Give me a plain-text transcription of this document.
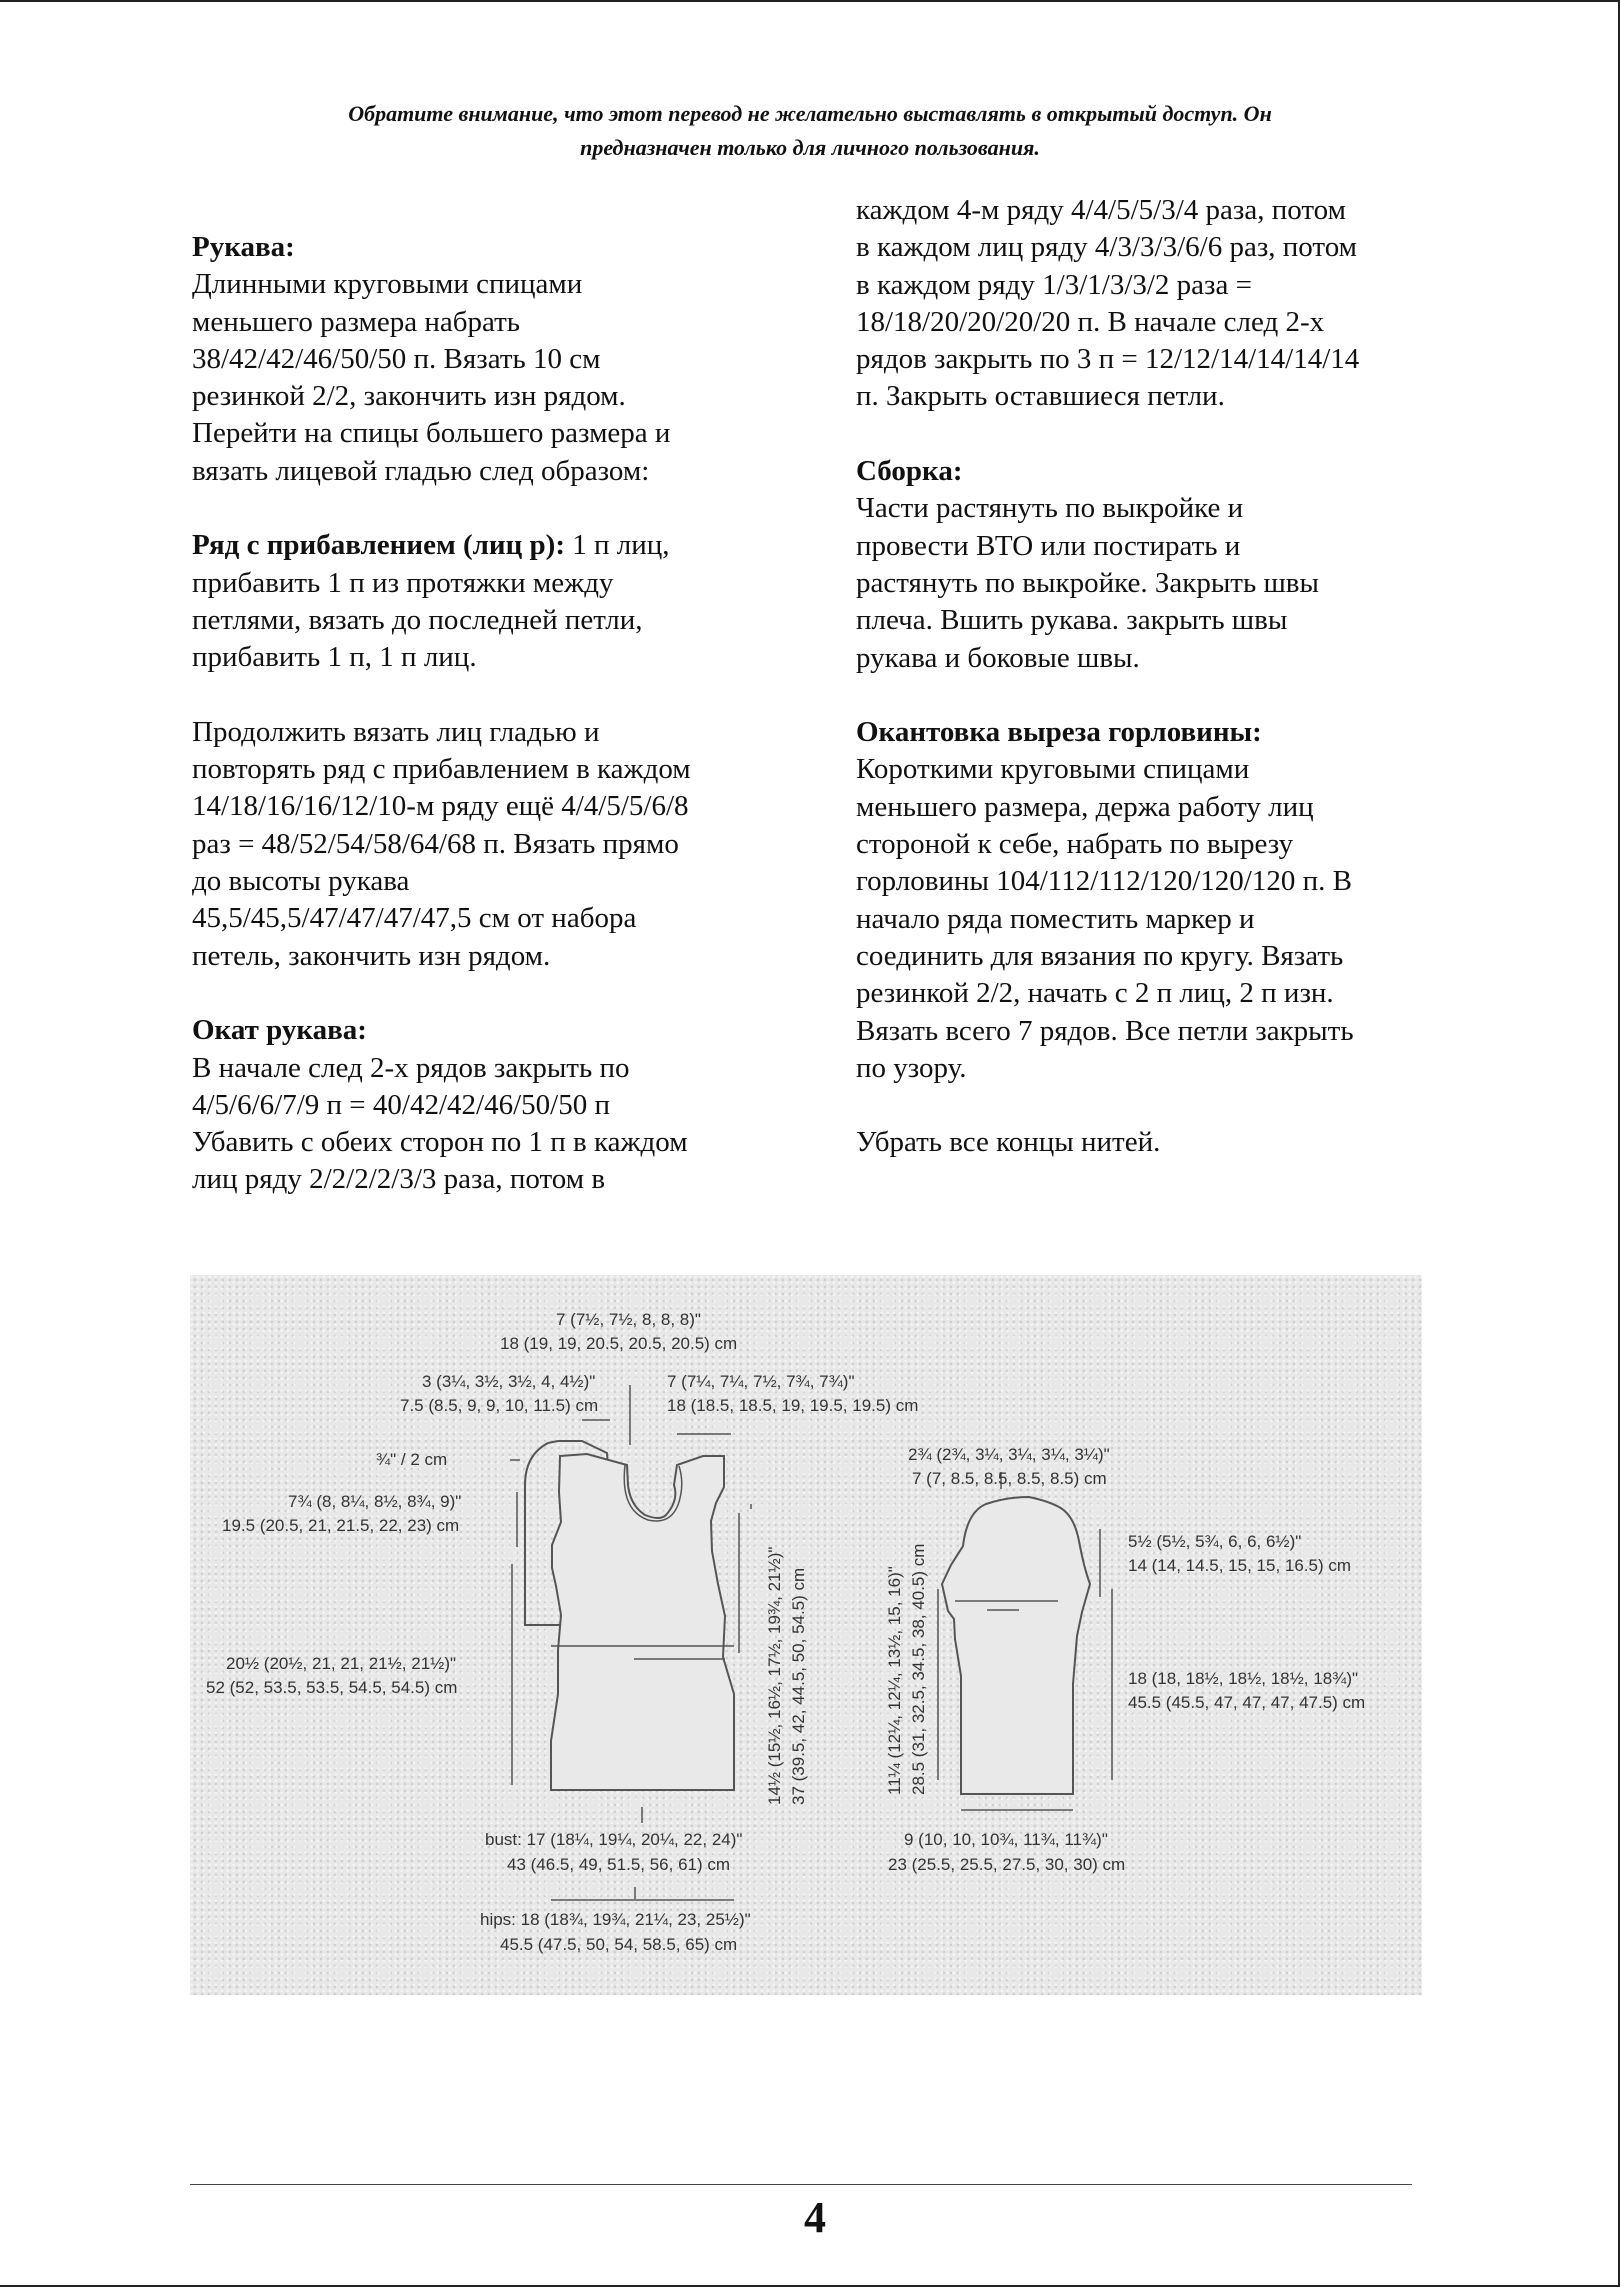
Обратите внимание, что этот перевод не желательно выставлять в открытый доступ. Он
предназначен только для личного пользования.

Рукава:

Длинными круговыми спицами

меньшего размера набрать

38/42/42/46/50/50 п. Вязать 10 см

резинкой 2/2, закончить изн рядом.

Перейти на спицы большего размера и

вязать лицевой гладью след образом:

Ряд с прибавлением (лиц р): 1 п лиц,

прибавить 1 п из протяжки между

петлями, вязать до последней петли,

прибавить 1 п, 1 п лиц.

Продолжить вязать лиц гладью и

повторять ряд с прибавлением в каждом

14/18/16/16/12/10-м ряду ещё 4/4/5/5/6/8

раз = 48/52/54/58/64/68 п. Вязать прямо

до высоты рукава

45,5/45,5/47/47/47/47,5 см от набора

петель, закончить изн рядом.

Окат рукава:

В начале след 2-х рядов закрыть по

4/5/6/6/7/9 п = 40/42/42/46/50/50 п

Убавить с обеих сторон по 1 п в каждом

лиц ряду 2/2/2/2/3/3 раза, потом в

каждом 4-м ряду 4/4/5/5/3/4 раза, потом

в каждом лиц ряду 4/3/3/3/6/6 раз, потом

в каждом ряду 1/3/1/3/3/2 раза =

18/18/20/20/20/20 п. В начале след 2-х

рядов закрыть по 3 п = 12/12/14/14/14/14

п. Закрыть оставшиеся петли.

Сборка:

Части растянуть по выкройке и

провести ВТО или постирать и

растянуть по выкройке. Закрыть швы

плеча. Вшить рукава. закрыть швы

рукава и боковые швы.

Окантовка выреза горловины:

Короткими круговыми спицами

меньшего размера, держа работу лиц

стороной к себе, набрать по вырезу

горловины 104/112/112/120/120/120 п. В

начало ряда поместить маркер и

соединить для вязания по кругу. Вязать

резинкой 2/2, начать с 2 п лиц, 2 п изн.

Вязать всего 7 рядов. Все петли закрыть

по узору.

Убрать все концы нитей.

7 (7½, 7½, 8, 8, 8)"
18 (19, 19, 20.5, 20.5, 20.5) cm
3 (3¼, 3½, 3½, 4, 4½)"
7.5 (8.5, 9, 9, 10, 11.5) cm
7 (7¼, 7¼, 7½, 7¾, 7¾)"
18 (18.5, 18.5, 19, 19.5, 19.5) cm
¾" / 2 cm
7¾ (8, 8¼, 8½, 8¾, 9)"
19.5 (20.5, 21, 21.5, 22, 23) cm
20½ (20½, 21, 21, 21½, 21½)"
52 (52, 53.5, 53.5, 54.5, 54.5) cm	14½ (15½, 16½, 17½, 19¾, 21½)" 37 (39.5, 42, 44.5, 50, 54.5) cm
bust: 17 (18¼, 19¼, 20¼, 22, 24)"
43 (46.5, 49, 51.5, 56, 61) cm
hips: 18 (18¾, 19¾, 21¼, 23, 25½)"
45.5 (47.5, 50, 54, 58.5, 65) cm
2¾ (2¾, 3¼, 3¼, 3¼, 3¼)"
7 (7, 8.5, 8.5, 8.5, 8.5) cm
5½ (5½, 5¾, 6, 6, 6½)"
14 (14, 14.5, 15, 15, 16.5) cm
18 (18, 18½, 18½, 18½, 18¾)"
45.5 (45.5, 47, 47, 47, 47.5) cm
11¼ (12¼, 12¼, 13½, 15, 16)" 28.5 (31, 32.5, 34.5, 38, 40.5) cm
9 (10, 10, 10¾, 11¾, 11¾)"
23 (25.5, 25.5, 27.5, 30, 30) cm
4
